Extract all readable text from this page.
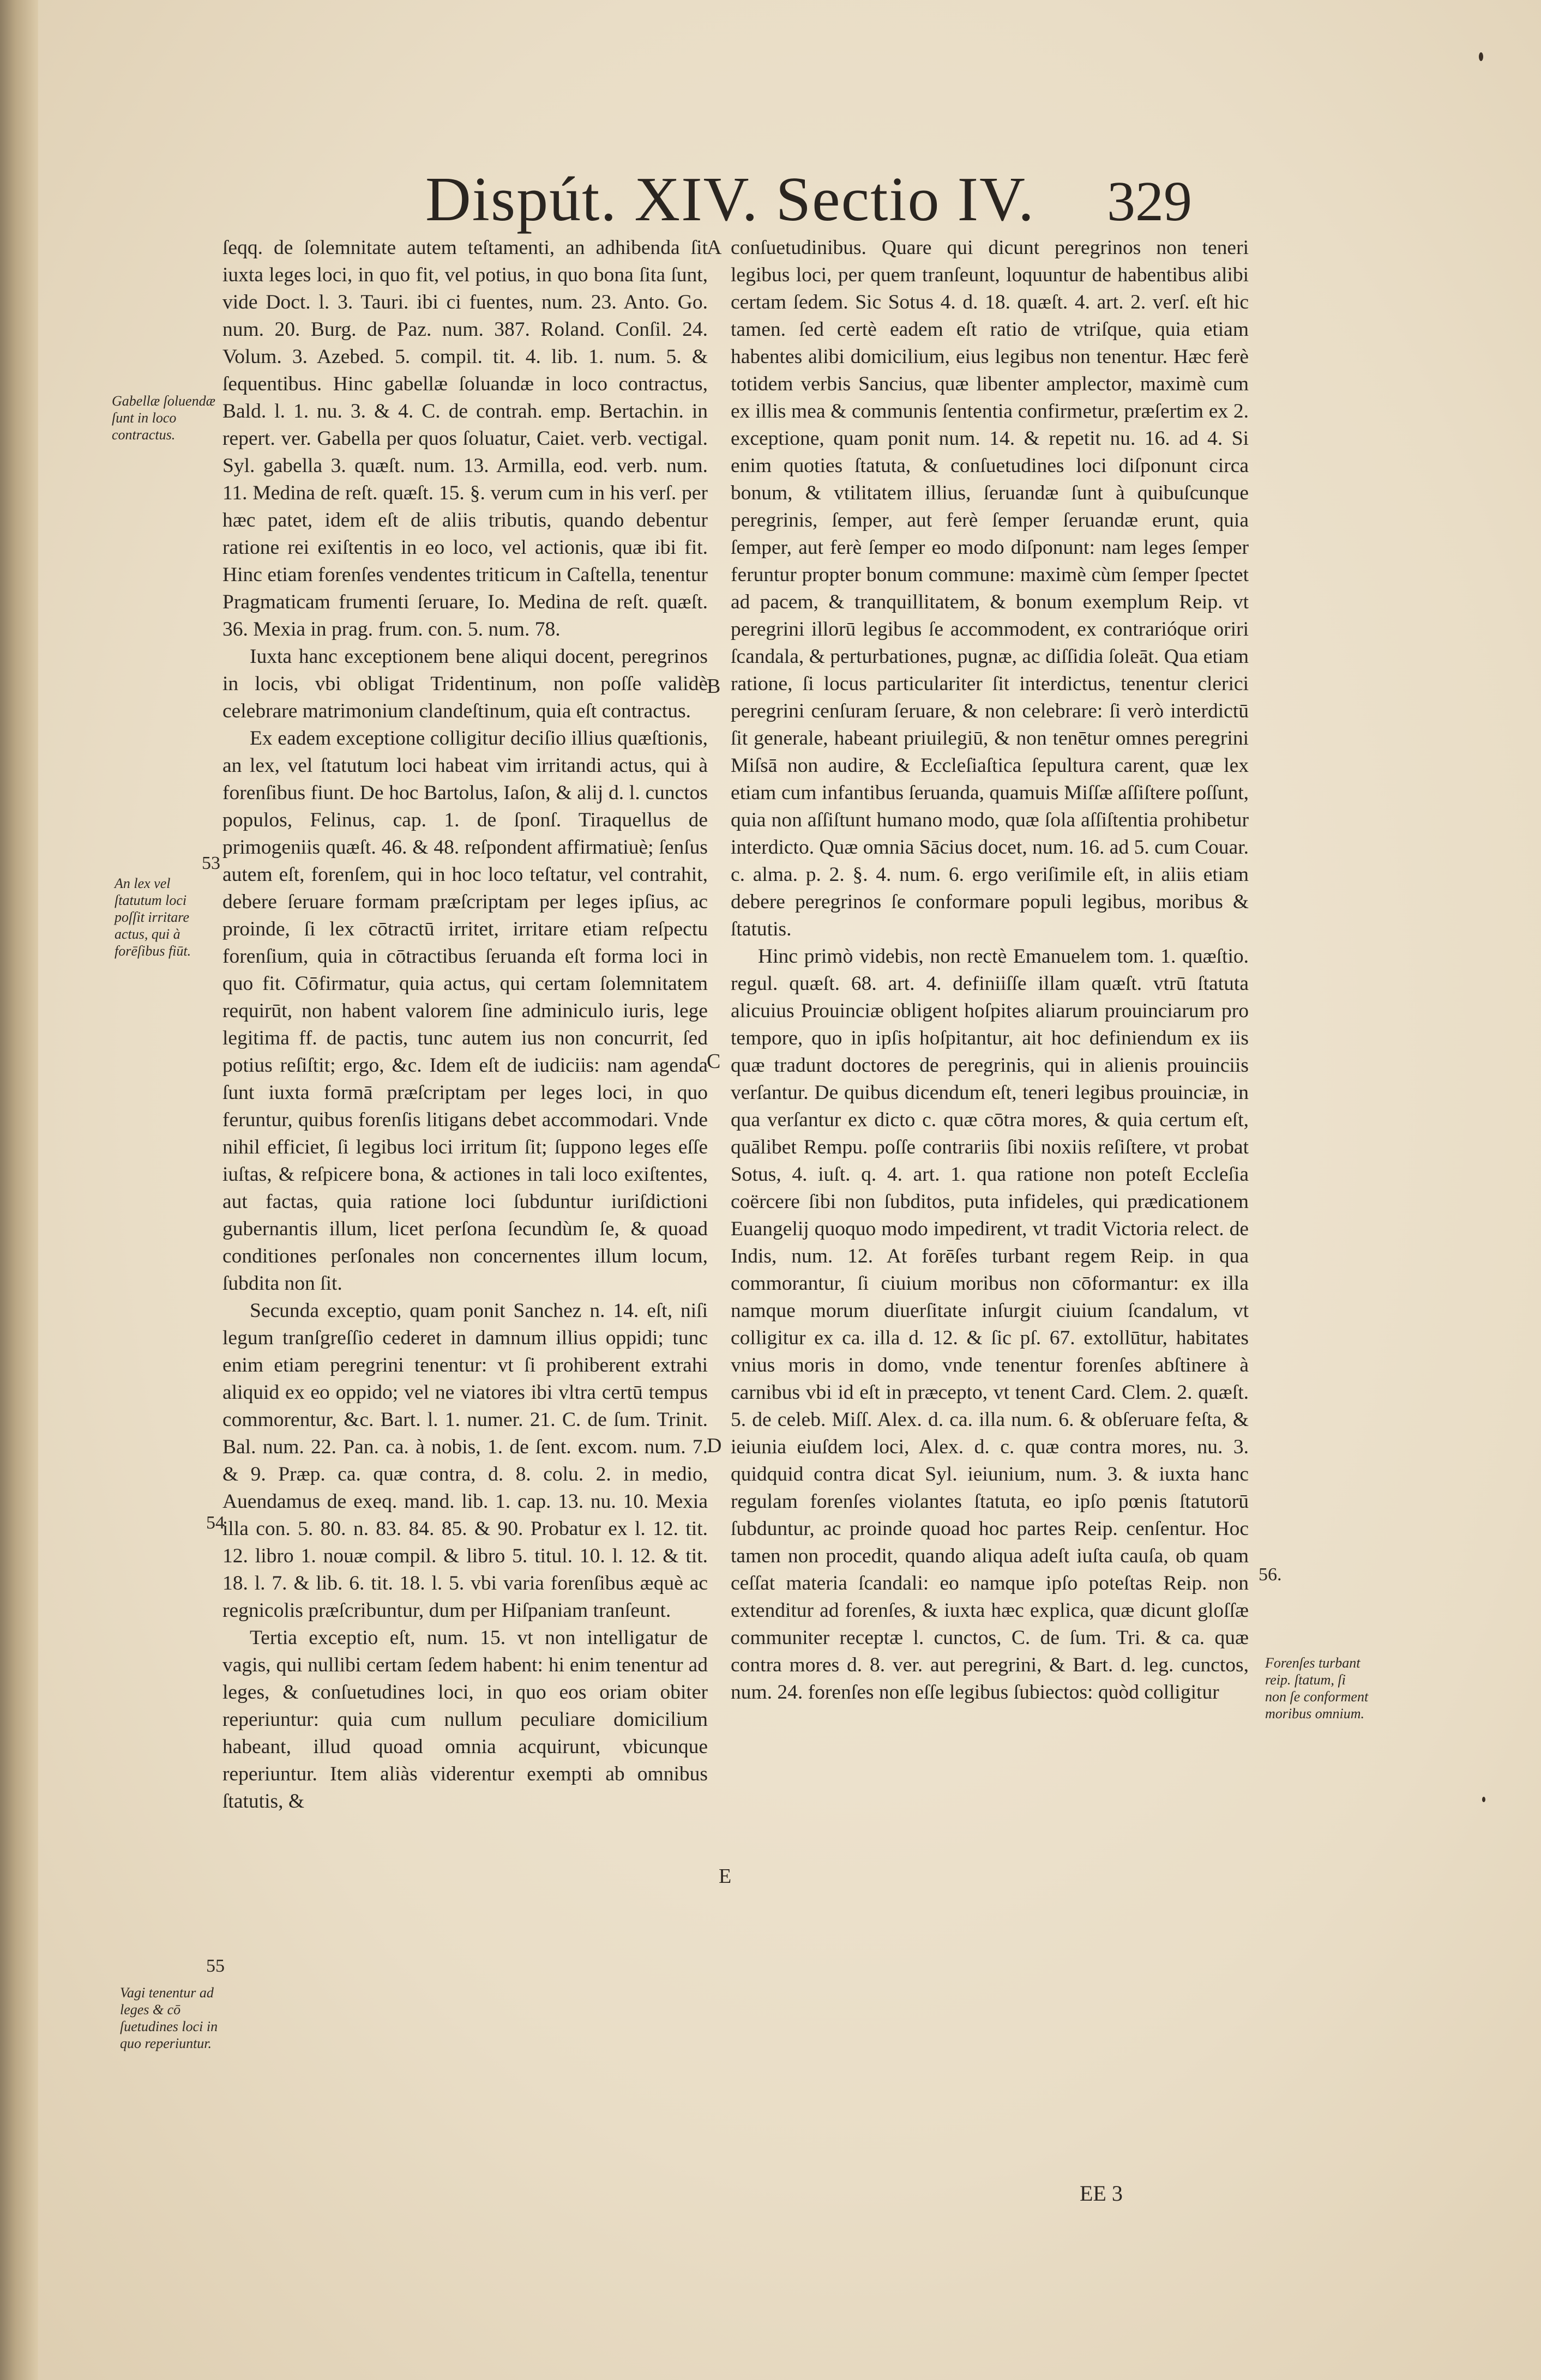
Dispút. XIV. Sectio IV.	329

ſeqq. de ſolemnitate autem teſtamenti, an adhibenda ſit iuxta leges loci, in quo fit, vel potius, in quo bona ſita ſunt, vide Doct. l. 3. Tauri. ibi ci fuentes, num. 23. Anto. Go. num. 20. Burg. de Paz. num. 387. Roland. Conſil. 24. Volum. 3. Azebed. 5. compil. tit. 4. lib. 1. num. 5. & ſequentibus. Hinc gabellæ ſoluandæ in loco contractus, Bald. l. 1. nu. 3. & 4. C. de contrah. emp. Bertachin. in repert. ver. Gabella per quos ſoluatur, Caiet. verb. vectigal. Syl. gabella 3. quæſt. num. 13. Armilla, eod. verb. num. 11. Medina de reſt. quæſt. 15. §. verum cum in his verſ. per hæc patet, idem eſt de aliis tributis, quando debentur ratione rei exiſtentis in eo loco, vel actionis, quæ ibi fit. Hinc etiam forenſes vendentes triticum in Caſtella, tenentur Pragmaticam frumenti ſeruare, Io. Medina de reſt. quæſt. 36. Mexia in prag. frum. con. 5. num. 78.

Iuxta hanc exceptionem bene aliqui docent, peregrinos in locis, vbi obligat Tridentinum, non poſſe validè celebrare matrimonium clandeſtinum, quia eſt contractus.

Ex eadem exceptione colligitur deciſio illius quæſtionis, an lex, vel ſtatutum loci habeat vim irritandi actus, qui à forenſibus fiunt. De hoc Bartolus, Iaſon, & alij d. l. cunctos populos, Felinus, cap. 1. de ſponſ. Tiraquellus de primogeniis quæſt. 46. & 48. reſpondent affirmatiuè; ſenſus autem eſt, forenſem, qui in hoc loco teſtatur, vel contrahit, debere ſeruare formam præſcriptam per leges ipſius, ac proinde, ſi lex cōtractū irritet, irritare etiam reſpectu forenſium, quia in cōtractibus ſeruanda eſt forma loci in quo fit. Cōfirmatur, quia actus, qui certam ſolemnitatem requirūt, non habent valorem ſine adminiculo iuris, lege legitima ff. de pactis, tunc autem ius non concurrit, ſed potius reſiſtit; ergo, &c. Idem eſt de iudiciis: nam agenda ſunt iuxta formā præſcriptam per leges loci, in quo feruntur, quibus forenſis litigans debet accommodari. Vnde nihil efficiet, ſi legibus loci irritum ſit; ſuppono leges eſſe iuſtas, & reſpicere bona, & actiones in tali loco exiſtentes, aut factas, quia ratione loci ſubduntur iuriſdictioni gubernantis illum, licet perſona ſecundùm ſe, & quoad conditiones perſonales non concernentes illum locum, ſubdita non ſit.

Secunda exceptio, quam ponit Sanchez n. 14. eſt, niſi legum tranſgreſſio cederet in damnum illius oppidi; tunc enim etiam peregrini tenentur: vt ſi prohiberent extrahi aliquid ex eo oppido; vel ne viatores ibi vltra certū tempus commorentur, &c. Bart. l. 1. numer. 21. C. de ſum. Trinit. Bal. num. 22. Pan. ca. à nobis, 1. de ſent. excom. num. 7. & 9. Præp. ca. quæ contra, d. 8. colu. 2. in medio, Auendamus de exeq. mand. lib. 1. cap. 13. nu. 10. Mexia illa con. 5. 80. n. 83. 84. 85. & 90. Probatur ex l. 12. tit. 12. libro 1. nouæ compil. & libro 5. titul. 10. l. 12. & tit. 18. l. 7. & lib. 6. tit. 18. l. 5. vbi varia forenſibus æquè ac regnicolis præſcribuntur, dum per Hiſpaniam tranſeunt.

Tertia exceptio eſt, num. 15. vt non intelligatur de vagis, qui nullibi certam ſedem habent: hi enim tenentur ad leges, & conſuetudines loci, in quo eos oriam obiter reperiuntur: quia cum nullum peculiare domicilium habeant, illud quoad omnia acquirunt, vbicunque reperiuntur. Item aliàs viderentur exempti ab omnibus ſtatutis, &

conſuetudinibus. Quare qui dicunt peregrinos non teneri legibus loci, per quem tranſeunt, loquuntur de habentibus alibi certam ſedem. Sic Sotus 4. d. 18. quæſt. 4. art. 2. verſ. eſt hic tamen. ſed certè eadem eſt ratio de vtriſque, quia etiam habentes alibi domicilium, eius legibus non tenentur. Hæc ferè totidem verbis Sancius, quæ libenter amplector, maximè cum ex illis mea & communis ſententia confirmetur, præſertim ex 2. exceptione, quam ponit num. 14. & repetit nu. 16. ad 4. Si enim quoties ſtatuta, & conſuetudines loci diſponunt circa bonum, & vtilitatem illius, ſeruandæ ſunt à quibuſcunque peregrinis, ſemper, aut ferè ſemper ſeruandæ erunt, quia ſemper, aut ferè ſemper eo modo diſponunt: nam leges ſemper feruntur propter bonum commune: maximè cùm ſemper ſpectet ad pacem, & tranquillitatem, & bonum exemplum Reip. vt peregrini illorū legibus ſe accommodent, ex contrarióque oriri ſcandala, & perturbationes, pugnæ, ac diſſidia ſoleāt. Qua etiam ratione, ſi locus particulariter ſit interdictus, tenentur clerici peregrini cenſuram ſeruare, & non celebrare: ſi verò interdictū ſit generale, habeant priuilegiū, & non tenētur omnes peregrini Miſsā non audire, & Eccleſiaſtica ſepultura carent, quæ lex etiam cum infantibus ſeruanda, quamuis Miſſæ aſſiſtere poſſunt, quia non aſſiſtunt humano modo, quæ ſola aſſiſtentia prohibetur interdicto. Quæ omnia Sācius docet, num. 16. ad 5. cum Couar. c. alma. p. 2. §. 4. num. 6. ergo veriſimile eſt, in aliis etiam debere peregrinos ſe conformare populi legibus, moribus & ſtatutis.

Hinc primò videbis, non rectè Emanuelem tom. 1. quæſtio. regul. quæſt. 68. art. 4. definiiſſe illam quæſt. vtrū ſtatuta alicuius Prouinciæ obligent hoſpites aliarum prouinciarum pro tempore, quo in ipſis hoſpitantur, ait hoc definiendum ex iis quæ tradunt doctores de peregrinis, qui in alienis prouinciis verſantur. De quibus dicendum eſt, teneri legibus prouinciæ, in qua verſantur ex dicto c. quæ cōtra mores, & quia certum eſt, quālibet Rempu. poſſe contrariis ſibi noxiis reſiſtere, vt probat Sotus, 4. iuſt. q. 4. art. 1. qua ratione non poteſt Eccleſia coërcere ſibi non ſubditos, puta infideles, qui prædicationem Euangelij quoquo modo impedirent, vt tradit Victoria relect. de Indis, num. 12. At forēſes turbant regem Reip. in qua commorantur, ſi ciuium moribus non cōformantur: ex illa namque morum diuerſitate inſurgit ciuium ſcandalum, vt colligitur ex ca. illa d. 12. & ſic pſ. 67. extollūtur, habitates vnius moris in domo, vnde tenentur forenſes abſtinere à carnibus vbi id eſt in præcepto, vt tenent Card. Clem. 2. quæſt. 5. de celeb. Miſſ. Alex. d. ca. illa num. 6. & obſeruare feſta, & ieiunia eiuſdem loci, Alex. d. c. quæ contra mores, nu. 3. quidquid contra dicat Syl. ieiunium, num. 3. & iuxta hanc regulam forenſes violantes ſtatuta, eo ipſo pœnis ſtatutorū ſubduntur, ac proinde quoad hoc partes Reip. cenſentur. Hoc tamen non procedit, quando aliqua adeſt iuſta cauſa, ob quam ceſſat materia ſcandali: eo namque ipſo poteſtas Reip. non extenditur ad forenſes, & iuxta hæc explica, quæ dicunt gloſſæ communiter receptæ l. cunctos, C. de ſum. Tri. & ca. quæ contra mores d. 8. ver. aut peregrini, & Bart. d. leg. cunctos, num. 24. forenſes non eſſe legibus ſubiectos: quòd colligitur

Gabellæ ſoluendæ ſunt in loco contractus.
An lex vel ſtatutum loci poſſit irritare actus, qui à forēſibus fiūt.
Vagi tenentur ad leges & cō ſuetudines loci in quo reperiuntur.
Forenſes turbant reip. ſtatum, ſi non ſe conforment moribus omnium.
53
54
55
56.
A
B
C
D
E
EE 3
